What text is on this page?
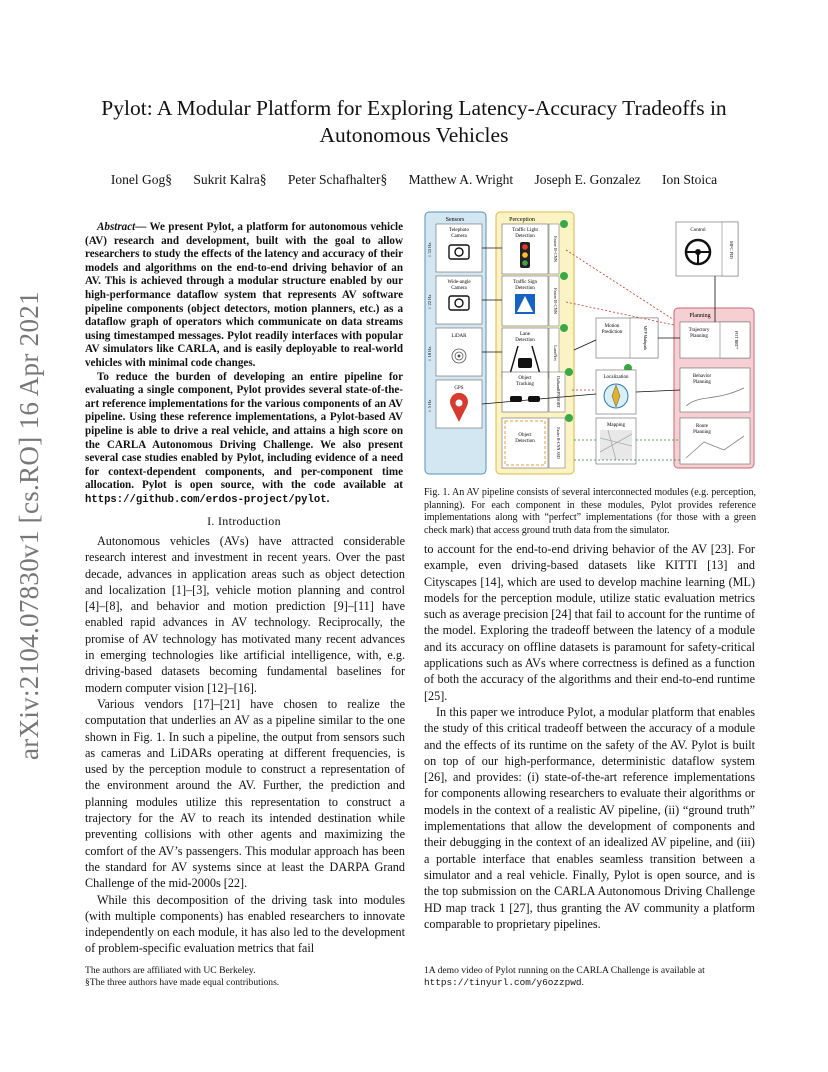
Pylot: A Modular Platform for Exploring Latency-Accuracy Tradeoffs in
Autonomous Vehicles
Ionel Gog§ Sukrit Kalra§ Peter Schafhalter§ Matthew A. Wright Joseph E. Gonzalez Ion Stoica
arXiv:2104.07830v1 [cs.RO] 16 Apr 2021

Abstract— We present Pylot, a platform for autonomous vehicle (AV) research and development, built with the goal to allow researchers to study the effects of the latency and accuracy of their models and algorithms on the end-to-end driving behavior of an AV. This is achieved through a modular structure enabled by our high-performance dataflow system that represents AV software pipeline components (object detectors, motion planners, etc.) as a dataflow graph of operators which communicate on data streams using timestamped messages. Pylot readily interfaces with popular AV simulators like CARLA, and is easily deployable to real-world vehicles with minimal code changes.

To reduce the burden of developing an entire pipeline for evaluating a single component, Pylot provides several state-of-the-art reference implementations for the various components of an AV pipeline. Using these reference implementations, a Pylot-based AV pipeline is able to drive a real vehicle, and attains a high score on the CARLA Autonomous Driving Challenge. We also present several case studies enabled by Pylot, including evidence of a need for context-dependent components, and per-component time allocation. Pylot is open source, with the code available at https://github.com/erdos-project/pylot.

I. Introduction

Autonomous vehicles (AVs) have attracted considerable research interest and investment in recent years. Over the past decade, advances in application areas such as object detection and localization [1]–[3], vehicle motion planning and control [4]–[8], and behavior and motion prediction [9]–[11] have enabled rapid advances in AV technology. Reciprocally, the promise of AV technology has motivated many recent advances in emerging technologies like artificial intelligence, with, e.g. driving-based datasets becoming fundamental baselines for modern computer vision [12]–[16].

Various vendors [17]–[21] have chosen to realize the computation that underlies an AV as a pipeline similar to the one shown in Fig. 1. In such a pipeline, the output from sensors such as cameras and LiDARs operating at different frequencies, is used by the perception module to construct a representation of the environment around the AV. Further, the prediction and planning modules utilize this representation to construct a trajectory for the AV to reach its intended destination while preventing collisions with other agents and maximizing the comfort of the AV’s passengers. This modular approach has been the standard for AV systems since at least the DARPA Grand Challenge of the mid-2000s [22].

While this decomposition of the driving task into modules (with multiple components) has enabled researchers to innovate independently on each module, it has also led to the development of problem-specific evaluation metrics that fail

Sensors	Perception
Planning
Telephoto
Camera
○ 33 Hz
Wide-angle
Camera
○ 22 Hz
LiDAR
○ 10 Hz
GPS
○ 5 Hz
Traffic Light
Detection	Faster R-CNN
Traffic Sign
Detection	Faster R-CNN
Lane
Detection
LaneNet
Object
Tracking	DaSiamRPN SORT
Object
Detection	Faster R-CNN SSD
Control
MPC PID
Motion
Prediction	MFP Multipath
Localization
Mapping
Trajectory
Planning	FOT RRT*
Behavior
Planning
Route
Planning
Fig. 1. An AV pipeline consists of several interconnected modules (e.g. perception, planning). For each component in these modules, Pylot provides reference implementations along with “perfect” implementations (for those with a green check mark) that access ground truth data from the simulator.

to account for the end-to-end driving behavior of the AV [23]. For example, even driving-based datasets like KITTI [13] and Cityscapes [14], which are used to develop machine learning (ML) models for the perception module, utilize static evaluation metrics such as average precision [24] that fail to account for the runtime of the model. Exploring the tradeoff between the latency of a module and its accuracy on offline datasets is paramount for safety-critical applications such as AVs where correctness is defined as a function of both the accuracy of the algorithms and their end-to-end runtime [25].

In this paper we introduce Pylot, a modular platform that enables the study of this critical tradeoff between the accuracy of a module and the effects of its runtime on the safety of the AV. Pylot is built on top of our high-performance, deterministic dataflow system [26], and provides: (i) state-of-the-art reference implementations for components allowing researchers to evaluate their algorithms or models in the context of a realistic AV pipeline, (ii) “ground truth” implementations that allow the development of components and their debugging in the context of an idealized AV pipeline, and (iii) a portable interface that enables seamless transition between a simulator and a real vehicle. Finally, Pylot is open source, and is the top submission on the CARLA Autonomous Driving Challenge HD map track 1 [27], thus granting the AV community a platform comparable to proprietary pipelines.

The authors are affiliated with UC Berkeley.
§The three authors have made equal contributions.
1A demo video of Pylot running on the CARLA Challenge is available at https://tinyurl.com/y6ozzpwd.
